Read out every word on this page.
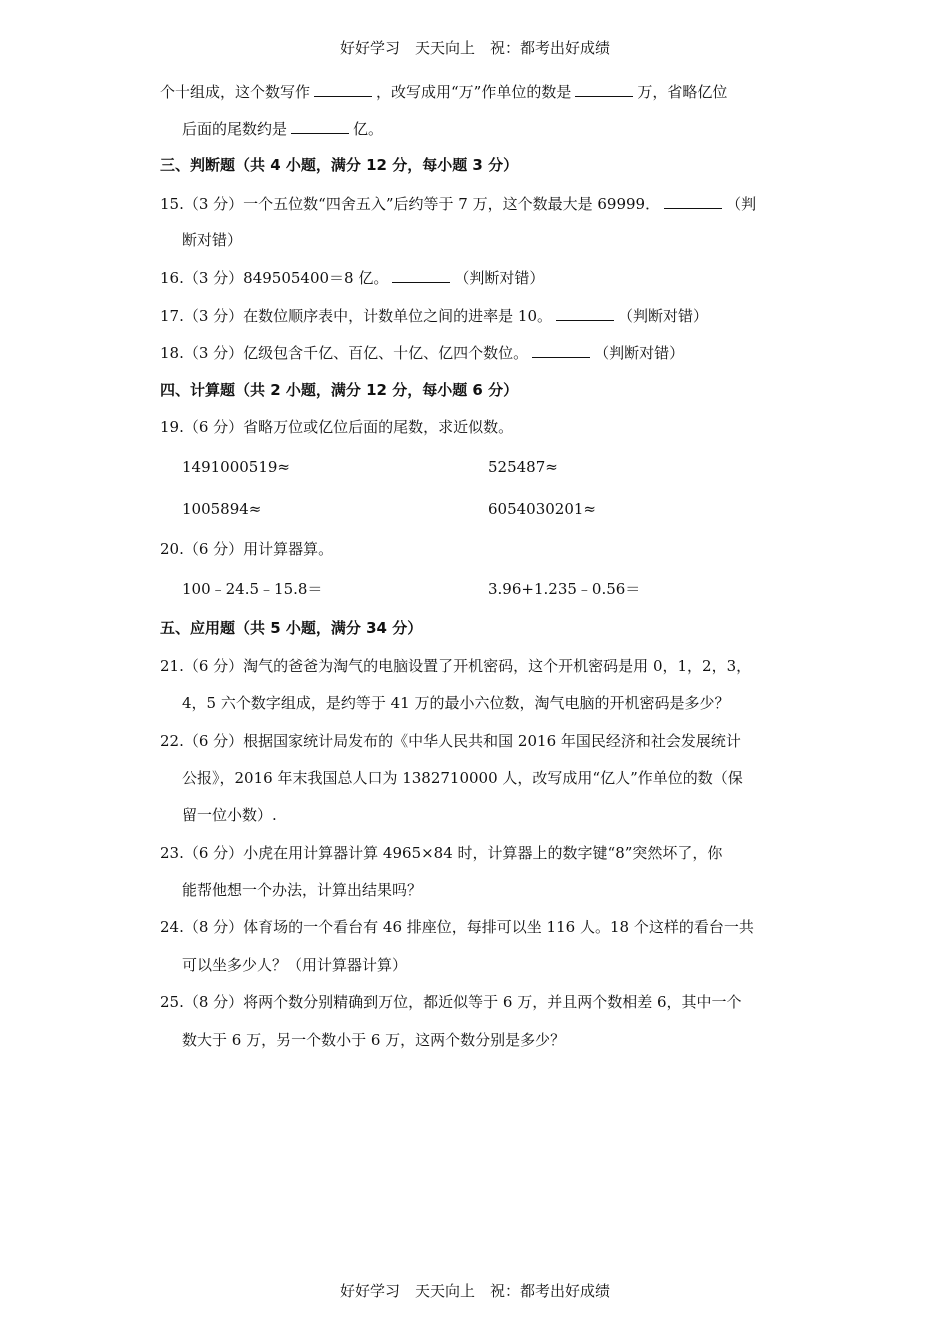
好好学习　天天向上　祝：都考出好成绩
个十组成，这个数写作	，改写成用“万”作单位的数是	万，省略亿位
后面的尾数约是	亿。
三、判断题（共 4 小题，满分 12 分，每小题 3 分）
15.（3 分）一个五位数“四舍五入”后约等于 7 万，这个数最大是 69999．	（判
断对错）
16.（3 分）849505400＝8 亿。	（判断对错）
17.（3 分）在数位顺序表中，计数单位之间的进率是 10。	（判断对错）
18.（3 分）亿级包含千亿、百亿、十亿、亿四个数位。	（判断对错）
四、计算题（共 2 小题，满分 12 分，每小题 6 分）
19.（6 分）省略万位或亿位后面的尾数，求近似数。
1491000519≈	525487≈
1005894≈	6054030201≈
20.（6 分）用计算器算。
100﹣24.5﹣15.8＝	3.96+1.235﹣0.56＝
五、应用题（共 5 小题，满分 34 分）
21.（6 分）淘气的爸爸为淘气的电脑设置了开机密码，这个开机密码是用 0，1，2，3，
4，5 六个数字组成，是约等于 41 万的最小六位数，淘气电脑的开机密码是多少？
22.（6 分）根据国家统计局发布的《中华人民共和国 2016 年国民经济和社会发展统计
公报》，2016 年末我国总人口为 1382710000 人，改写成用“亿人”作单位的数（保
留一位小数）.
23.（6 分）小虎在用计算器计算 4965×84 时，计算器上的数字键“8”突然坏了，你
能帮他想一个办法，计算出结果吗？
24.（8 分）体育场的一个看台有 46 排座位，每排可以坐 116 人。18 个这样的看台一共
可以坐多少人？（用计算器计算）
25.（8 分）将两个数分别精确到万位，都近似等于 6 万，并且两个数相差 6，其中一个
数大于 6 万，另一个数小于 6 万，这两个数分别是多少？
好好学习　天天向上　祝：都考出好成绩
